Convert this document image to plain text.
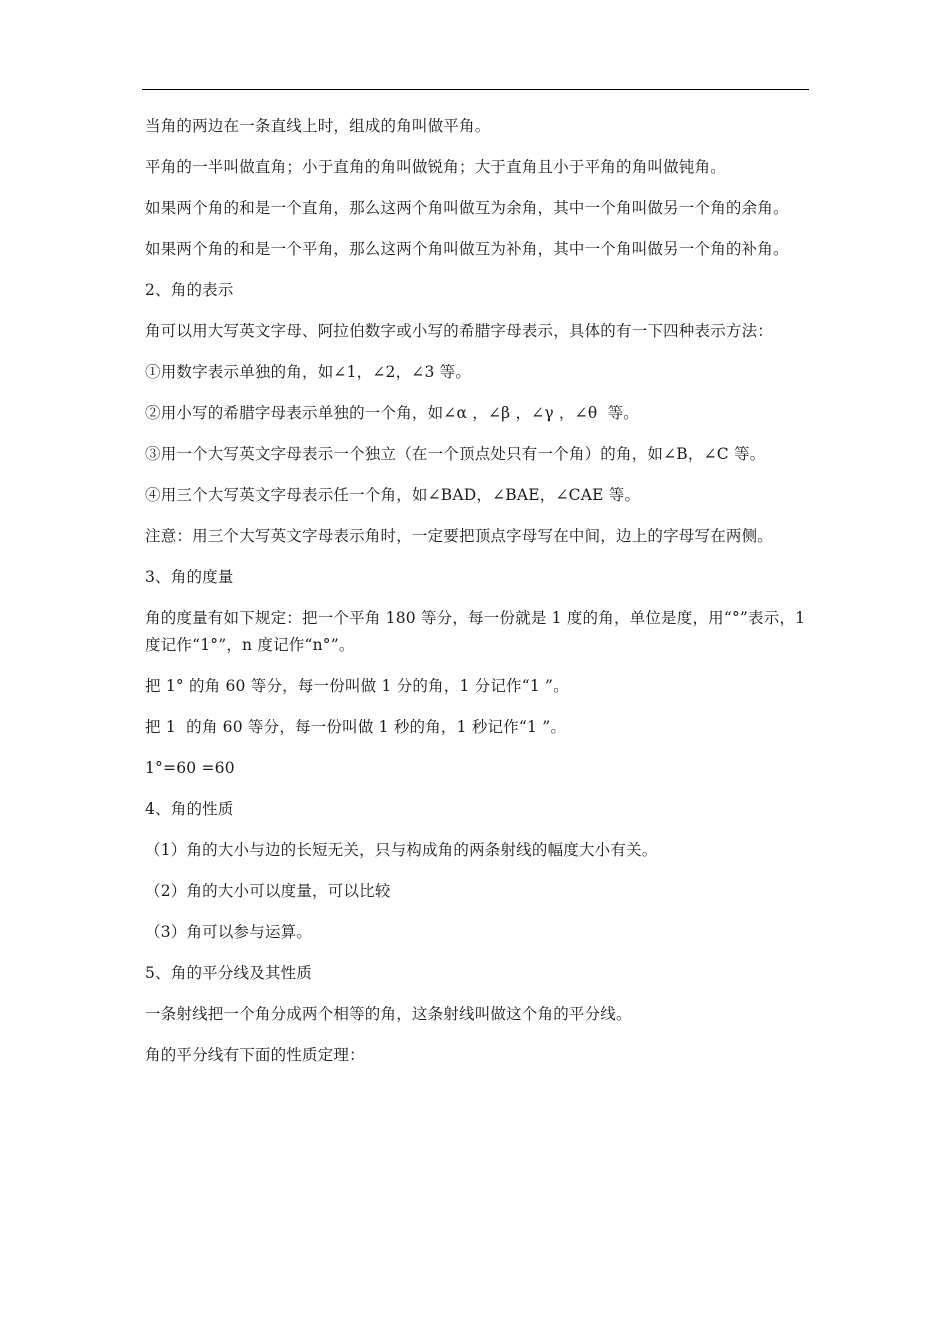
当角的两边在一条直线上时，组成的角叫做平角。

平角的一半叫做直角；小于直角的角叫做锐角；大于直角且小于平角的角叫做钝角。

如果两个角的和是一个直角，那么这两个角叫做互为余角，其中一个角叫做另一个角的余角。

如果两个角的和是一个平角，那么这两个角叫做互为补角，其中一个角叫做另一个角的补角。

2、角的表示

角可以用大写英文字母、阿拉伯数字或小写的希腊字母表示，具体的有一下四种表示方法：

①用数字表示单独的角，如∠1，∠2，∠3 等。

②用小写的希腊字母表示单独的一个角，如∠α ，∠β ，∠γ ，∠θ  等。

③用一个大写英文字母表示一个独立（在一个顶点处只有一个角）的角，如∠B，∠C 等。

④用三个大写英文字母表示任一个角，如∠BAD，∠BAE，∠CAE 等。

注意：用三个大写英文字母表示角时，一定要把顶点字母写在中间，边上的字母写在两侧。

3、角的度量

角的度量有如下规定：把一个平角 180 等分，每一份就是 1 度的角，单位是度，用“°”表示，1 度记作“1°”，n 度记作“n°”。

把 1° 的角 60 等分，每一份叫做 1 分的角，1 分记作“1 ”。

把 1  的角 60 等分，每一份叫做 1 秒的角，1 秒记作“1 ”。

1°=60 =60

4、角的性质

（1）角的大小与边的长短无关，只与构成角的两条射线的幅度大小有关。

（2）角的大小可以度量，可以比较

（3）角可以参与运算。

5、角的平分线及其性质

一条射线把一个角分成两个相等的角，这条射线叫做这个角的平分线。

角的平分线有下面的性质定理：
